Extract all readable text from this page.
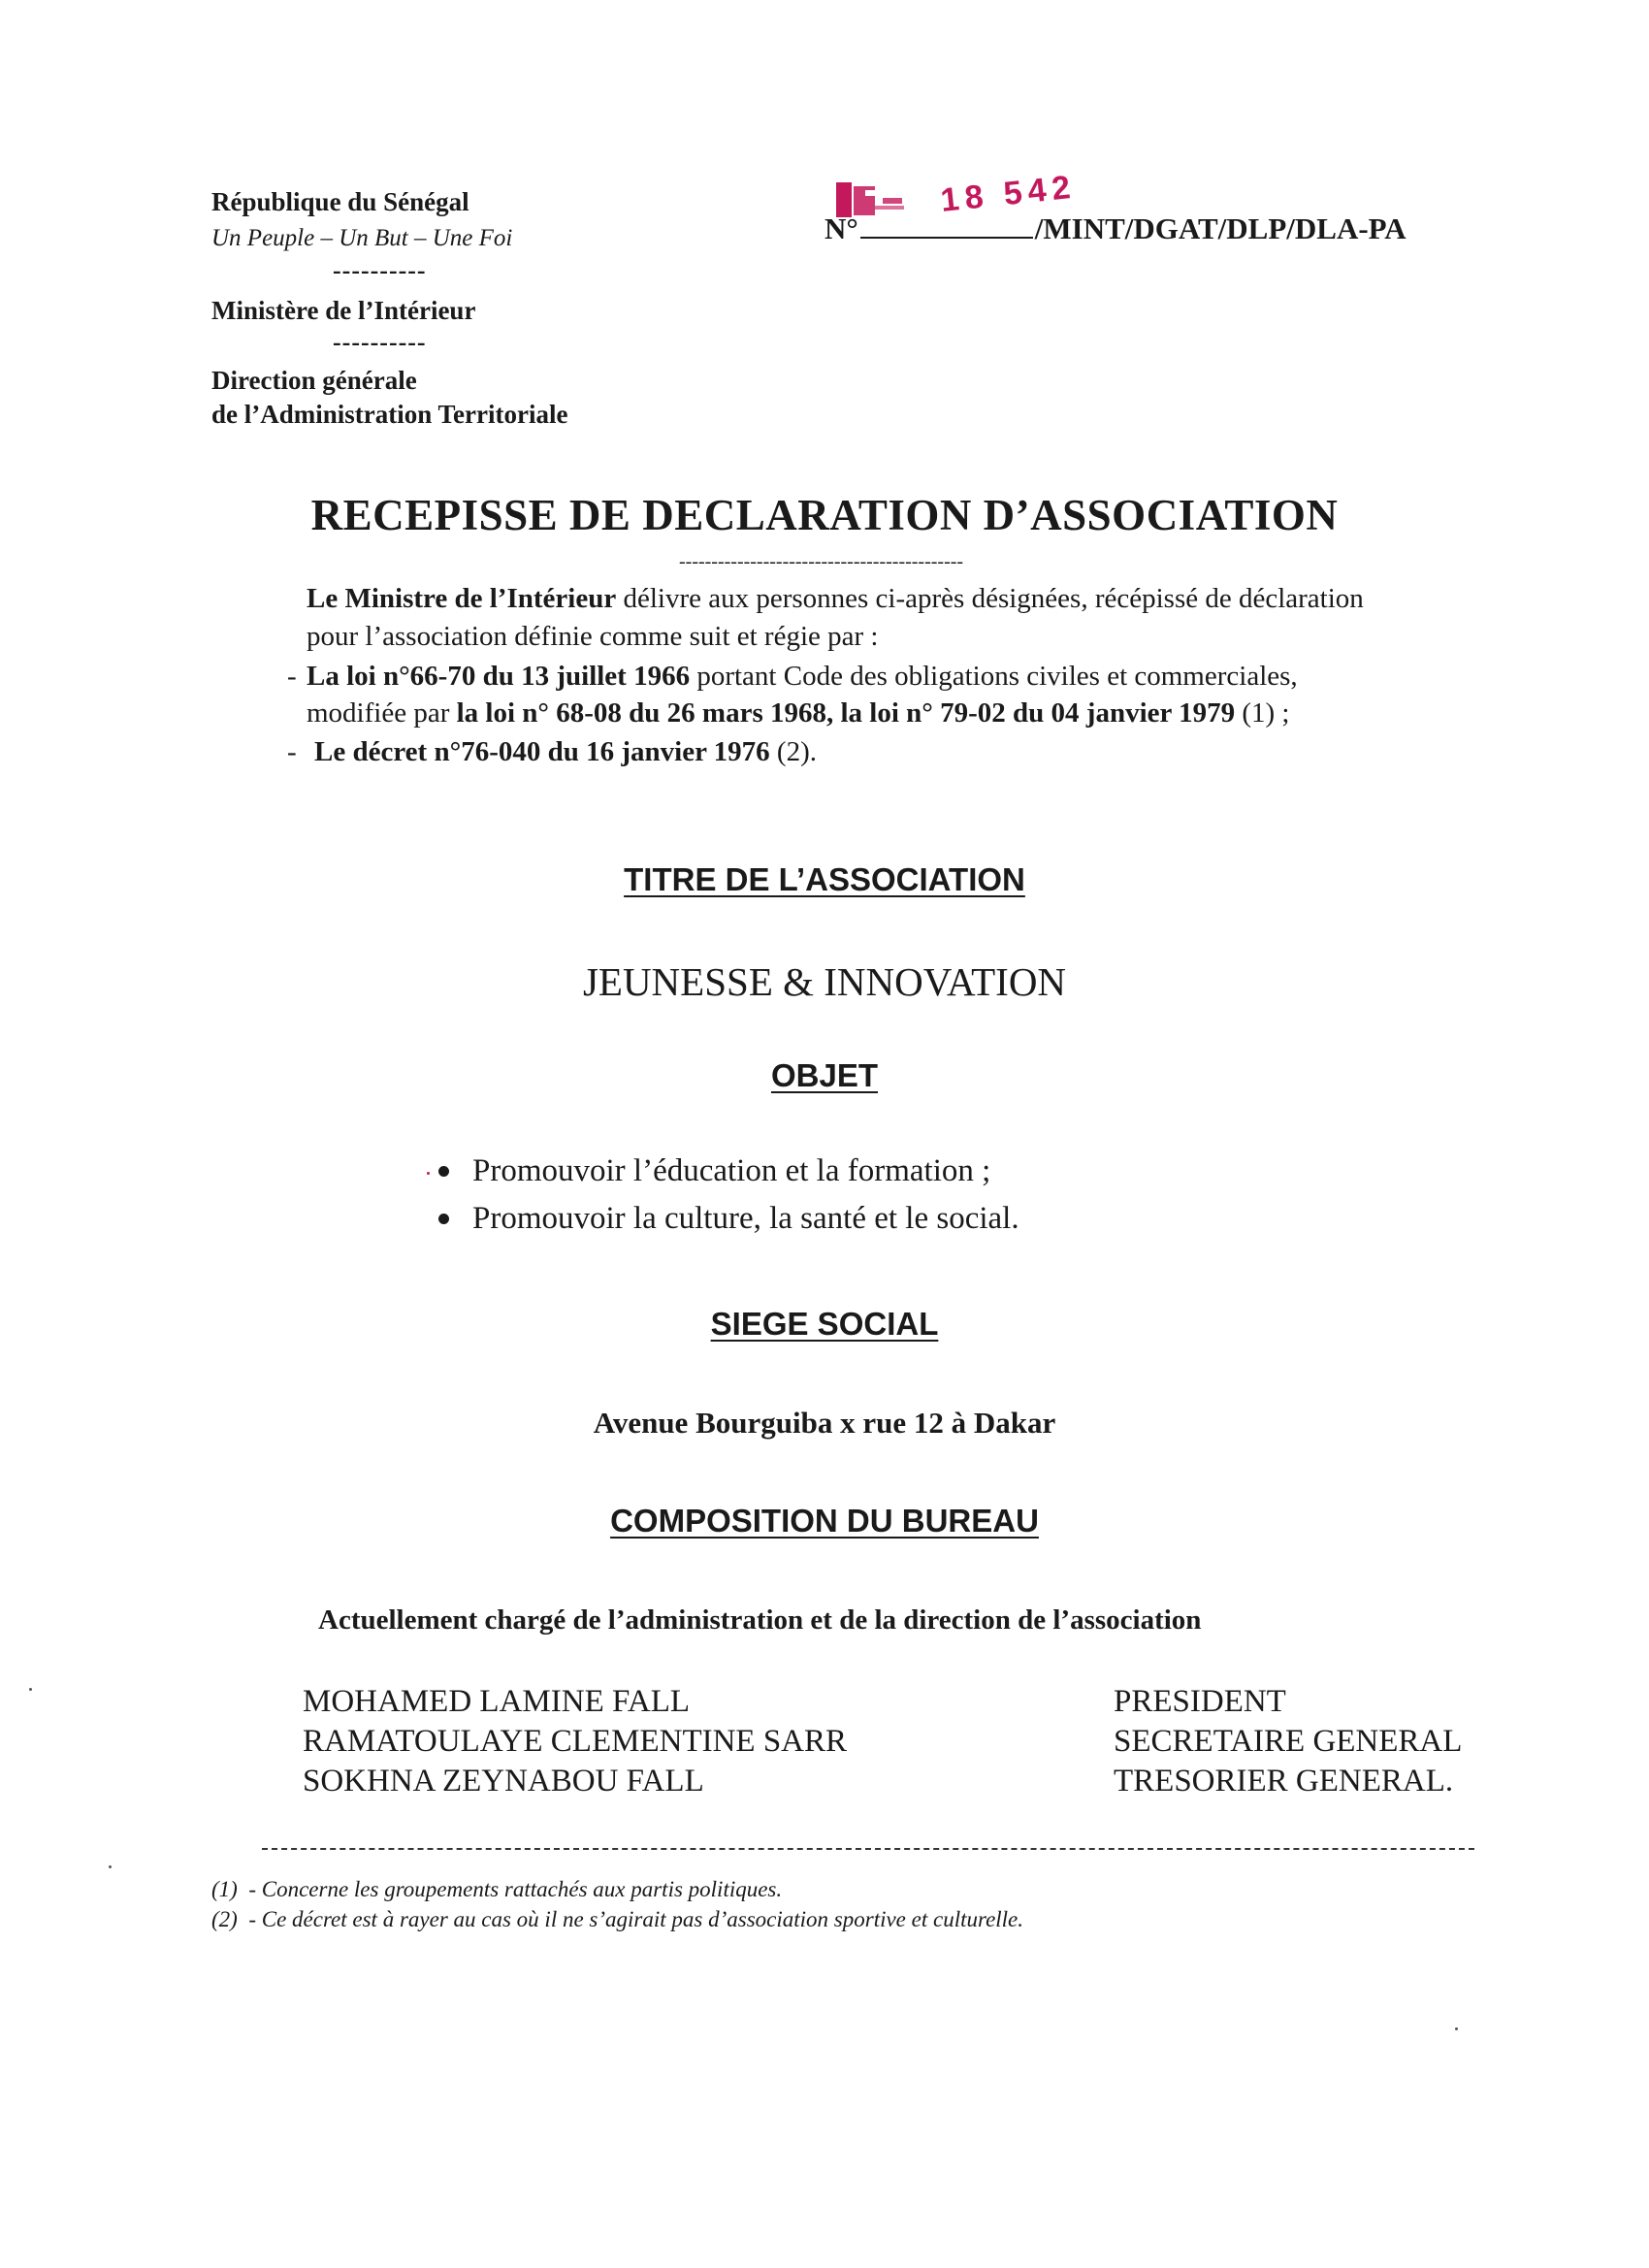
République du Sénégal
Un Peuple – Un But – Une Foi
----------
Ministère de l’Intérieur
----------
Direction générale
de l’Administration Territoriale
18 542
N°	/MINT/DGAT/DLP/DLA-PA
RECEPISSE DE DECLARATION D’ASSOCIATION
--------------------------------------------
Le Ministre de l’Intérieur délivre aux personnes ci-après désignées, récépissé de déclaration
pour l’association définie comme suit et régie par :
- La loi n°66-70 du 13 juillet 1966 portant Code des obligations civiles et commerciales,
modifiée par la loi n° 68-08 du 26 mars 1968, la loi n° 79-02 du 04 janvier 1979 (1) ;
- Le décret n°76-040 du 16 janvier 1976 (2).
TITRE DE L’ASSOCIATION
JEUNESSE & INNOVATION
OBJET
Promouvoir l’éducation et la formation ;
Promouvoir la culture, la santé et le social.
SIEGE SOCIAL
Avenue Bourguiba x rue 12 à Dakar
COMPOSITION DU BUREAU
Actuellement chargé de l’administration et de la direction de l’association
MOHAMED LAMINE FALL	PRESIDENT
RAMATOULAYE CLEMENTINE SARR	SECRETAIRE GENERAL
SOKHNA ZEYNABOU FALL	TRESORIER GENERAL.
(1) - Concerne les groupements rattachés aux partis politiques.
(2) - Ce décret est à rayer au cas où il ne s’agirait pas d’association sportive et culturelle.
